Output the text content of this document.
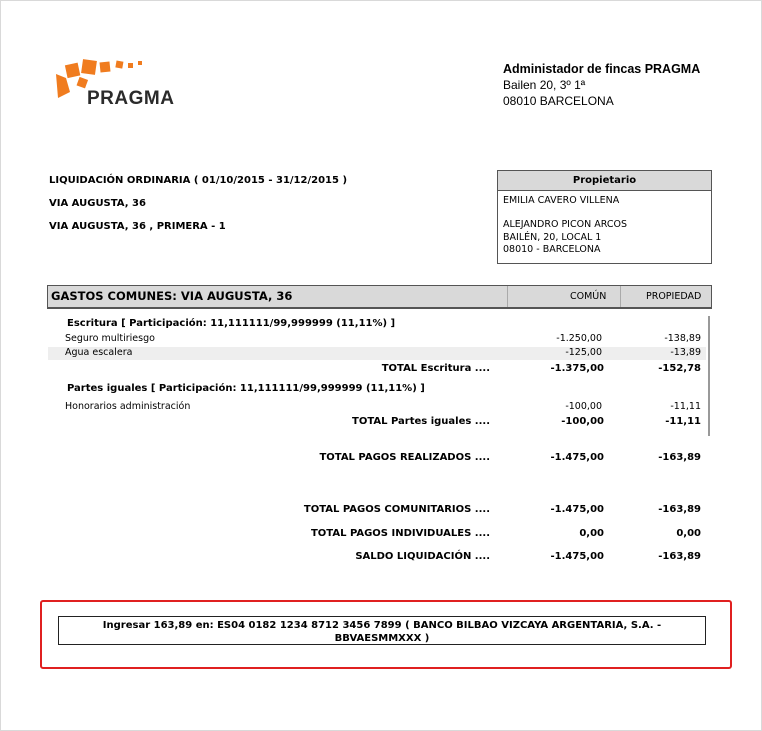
PRAGMA
Administador de fincas PRAGMA
Bailen 20, 3º 1ª
08010 BARCELONA
LIQUIDACIÓN ORDINARIA ( 01/10/2015 - 31/12/2015 )
VIA AUGUSTA, 36
VIA AUGUSTA, 36 , PRIMERA - 1
Propietario
EMILIA CAVERO VILLENA
ALEJANDRO PICON ARCOS
BAILÉN, 20, LOCAL 1
08010 - BARCELONA
GASTOS COMUNES: VIA AUGUSTA, 36	COMÚN	PROPIEDAD
Escritura [ Participación: 11,111111/99,999999 (11,11%) ]
Seguro multiriesgo	-1.250,00	-138,89
Agua escalera	-125,00	-13,89
TOTAL Escritura ....	-1.375,00	-152,78
Partes iguales [ Participación: 11,111111/99,999999 (11,11%) ]
Honorarios administración	-100,00	-11,11
TOTAL Partes iguales ....	-100,00	-11,11
TOTAL PAGOS REALIZADOS ....	-1.475,00	-163,89
TOTAL PAGOS COMUNITARIOS ....	-1.475,00	-163,89
TOTAL PAGOS INDIVIDUALES ....	0,00	0,00
SALDO LIQUIDACIÓN ....	-1.475,00	-163,89
Ingresar 163,89 en: ES04 0182 1234 8712 3456 7899 ( BANCO BILBAO VIZCAYA ARGENTARIA, S.A. -
BBVAESMMXXX )
